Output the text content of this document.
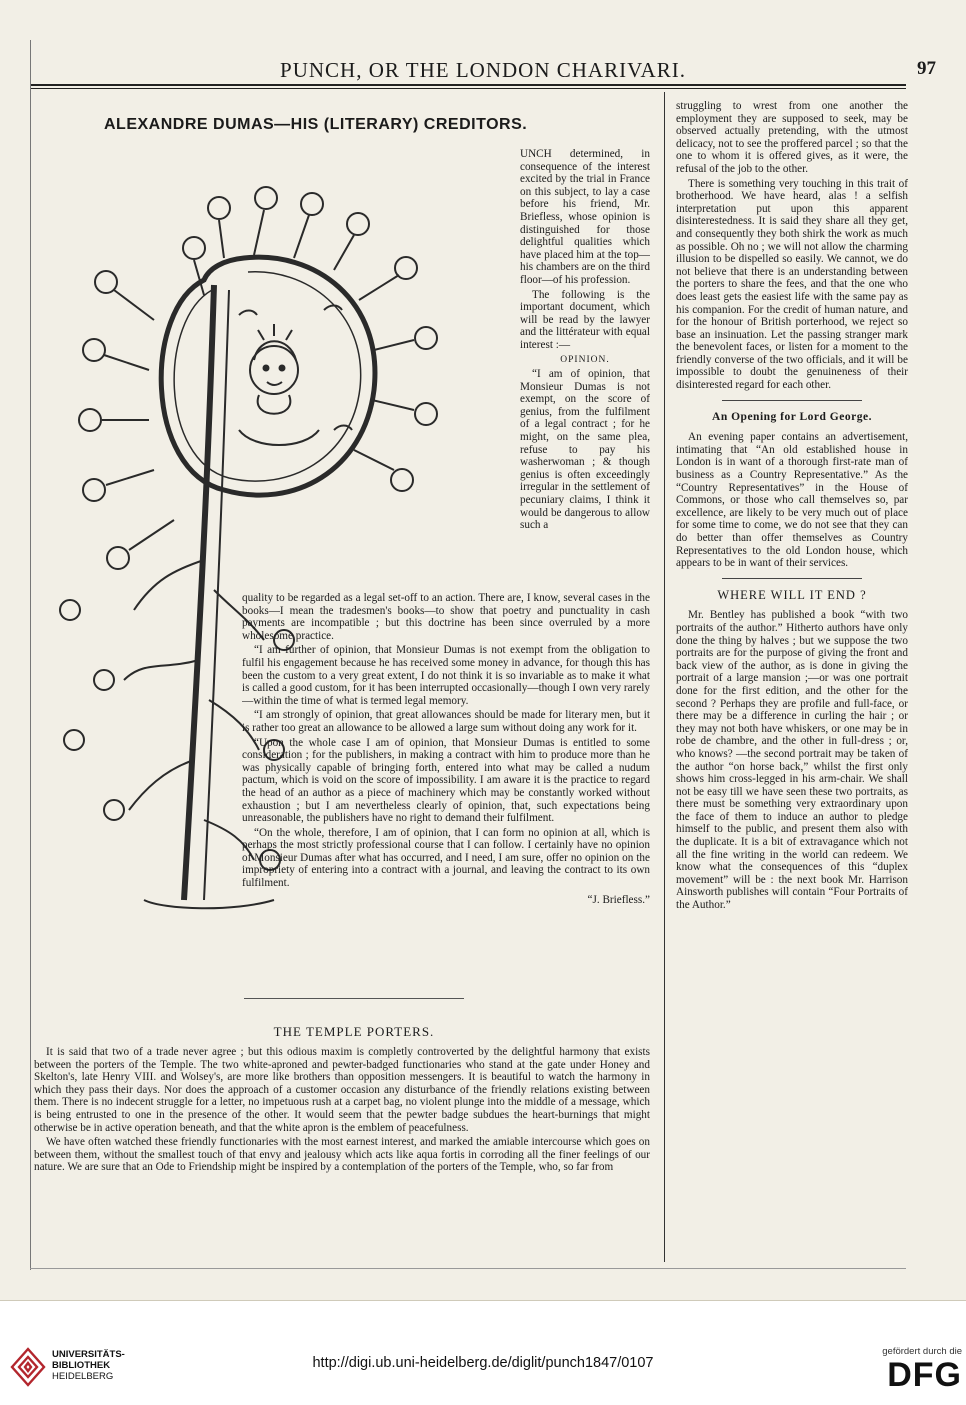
PUNCH, OR THE LONDON CHARIVARI.	97
ALEXANDRE DUMAS—HIS (LITERARY) CREDITORS.

UNCH determined, in consequence of the interest excited by the trial in France on this subject, to lay a case before his friend, Mr. Briefless, whose opinion is distinguished for those delightful qualities which have placed him at the top—his chambers are on the third floor—of his profession.

The following is the important document, which will be read by the lawyer and the littérateur with equal interest :—

OPINION.

“I am of opinion, that Monsieur Dumas is not exempt, on the score of genius, from the fulfilment of a legal contract ; for he might, on the same plea, refuse to pay his washerwoman ; & though genius is often exceedingly irregular in the settlement of pecuniary claims, I think it would be dangerous to allow such a

quality to be regarded as a legal set-off to an action. There are, I know, several cases in the books—I mean the tradesmen's books—to show that poetry and punctuality in cash payments are incompatible ; but this doctrine has been since overruled by a more wholesome practice.

“I am further of opinion, that Monsieur Dumas is not exempt from the obligation to fulfil his engagement because he has received some money in advance, for though this has been the custom to a very great extent, I do not think it is so invariable as to make it what is called a good custom, for it has been interrupted occasionally—though I own very rarely—within the time of what is termed legal memory.

“I am strongly of opinion, that great allowances should be made for literary men, but it is rather too great an allowance to be allowed a large sum without doing any work for it.

“Upon the whole case I am of opinion, that Monsieur Dumas is entitled to some consideration ; for the publishers, in making a contract with him to produce more than he was physically capable of bringing forth, entered into what may be called a nudum pactum, which is void on the score of impossibility. I am aware it is the practice to regard the head of an author as a piece of machinery which may be constantly worked without exhaustion ; but I am nevertheless clearly of opinion, that, such expectations being unreasonable, the publishers have no right to demand their fulfilment.

“On the whole, therefore, I am of opinion, that I can form no opinion at all, which is perhaps the most strictly professional course that I can follow. I certainly have no opinion of Monsieur Dumas after what has occurred, and I need, I am sure, offer no opinion on the impropriety of entering into a contract with a journal, and leaving the contract to its own fulfilment.

“J. Briefless.”

THE TEMPLE PORTERS.

It is said that two of a trade never agree ; but this odious maxim is completly controverted by the delightful harmony that exists between the porters of the Temple. The two white-aproned and pewter-badged functionaries who stand at the gate under Honey and Skelton's, late Henry VIII. and Wolsey's, are more like brothers than opposition messengers. It is beautiful to watch the harmony in which they pass their days. Nor does the approach of a customer occasion any disturbance of the friendly relations existing between them. There is no indecent struggle for a letter, no impetuous rush at a carpet bag, no violent plunge into the middle of a message, which is being entrusted to one in the presence of the other. It would seem that the pewter badge subdues the heart-burnings that might otherwise be in active operation beneath, and that the white apron is the emblem of peacefulness.

We have often watched these friendly functionaries with the most earnest interest, and marked the amiable intercourse which goes on between them, without the smallest touch of that envy and jealousy which acts like aqua fortis in corroding all the finer feelings of our nature. We are sure that an Ode to Friendship might be inspired by a contemplation of the porters of the Temple, who, so far from

struggling to wrest from one another the employment they are supposed to seek, may be observed actually pretending, with the utmost delicacy, not to see the proffered parcel ; so that the one to whom it is offered gives, as it were, the refusal of the job to the other.

There is something very touching in this trait of brotherhood. We have heard, alas ! a selfish interpretation put upon this apparent disinterestedness. It is said they share all they get, and consequently they both shirk the work as much as possible. Oh no ; we will not allow the charming illusion to be dispelled so easily. We cannot, we do not believe that there is an understanding between the porters to share the fees, and that the one who does least gets the easiest life with the same pay as his companion. For the credit of human nature, and for the honour of British porterhood, we reject so base an insinuation. Let the passing stranger mark the benevolent faces, or listen for a moment to the friendly converse of the two officials, and it will be impossible to doubt the genuineness of their disinterested regard for each other.

An Opening for Lord George.

An evening paper contains an advertisement, intimating that “An old established house in London is in want of a thorough first-rate man of business as a Country Representative.” As the “Country Representatives” in the House of Commons, or those who call themselves so, par excellence, are likely to be very much out of place for some time to come, we do not see that they can do better than offer themselves as Country Representatives to the old London house, which appears to be in want of their services.

WHERE WILL IT END ?

Mr. Bentley has published a book “with two portraits of the author.” Hitherto authors have only done the thing by halves ; but we suppose the two portraits are for the purpose of giving the front and back view of the author, as is done in giving the portrait of a large mansion ;—or was one portrait done for the first edition, and the other for the second ? Perhaps they are profile and full-face, or there may be a difference in curling the hair ; or they may not both have whiskers, or one may be in robe de chambre, and the other in full-dress ; or, who knows? —the second portrait may be taken of the author “on horse back,” whilst the first only shows him cross-legged in his arm-chair. We shall not be easy till we have seen these two portraits, as there must be something very extraordinary upon the face of them to induce an author to pledge himself to the public, and present them also with the duplicate. It is a bit of extravagance which not all the fine writing in the world can redeem. We know what the consequences of this “duplex movement” will be : the next book Mr. Harrison Ainsworth publishes will contain “Four Portraits of the Author.”

UNIVERSITÄTS-
BIBLIOTHEK
HEIDELBERG
http://digi.ub.uni-heidelberg.de/diglit/punch1847/0107
gefördert durch die
DFG
